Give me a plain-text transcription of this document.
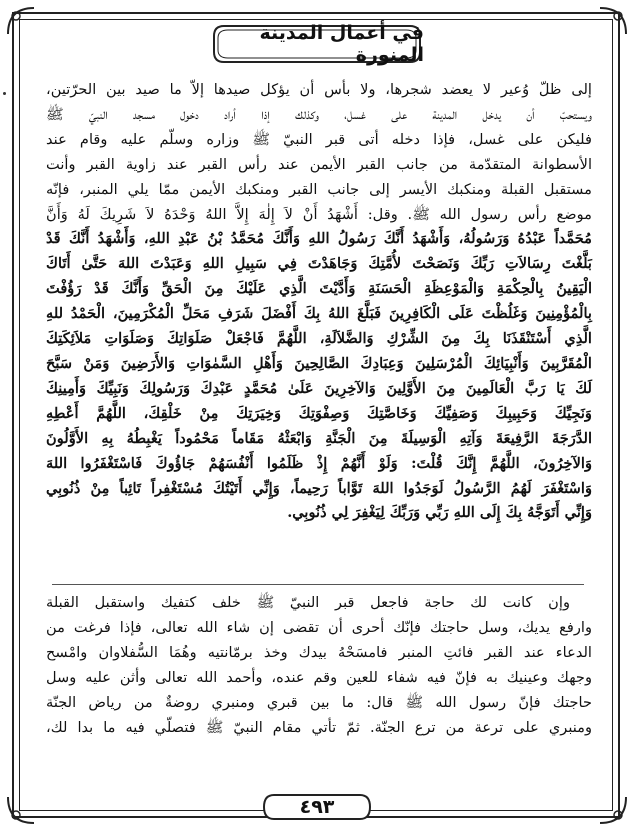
في أعمال المدينة المنورة
إلى ظلّ وُعير لا يعضد شجرها، ولا بأس أن يؤكل صيدها إلاّ ما صيد بين الحرّتين،
ويستحبّ أن يدخل المدينة على غسل، وكذلك إذا أراد دخول مسجد النبيّ ﷺ
فليكن على غسل، فإذا دخله أتى قبر النبيّ ﷺ وزاره وسلّم عليه وقام عند
الأسطوانة المتقدّمة من جانب القبر الأيمن عند رأس القبر عند زاوية القبر وأنت
مستقبل القبلة ومنكبك الأيسر إلى جانب القبر ومنكبك الأيمن ممّا يلي المنبر، فإنّه
موضع رأس رسول الله ﷺ. وقل: أَشْهَدُ أَنْ لاَ إِلٰهَ إِلاَّ اللهُ وَحْدَهُ لاَ شَرِيكَ لَهُ وَأَنَّ
مُحَمَّداً عَبْدُهُ وَرَسُولُهُ، وَأَشْهَدُ أَنَّكَ رَسُولُ اللهِ وَأَنَّكَ مُحَمَّدُ بْنُ عَبْدِ اللهِ، وَأَشْهَدُ أَنَّكَ قَدْ
بَلَّغْتَ رِسَالاَتِ رَبِّكَ وَنَصَحْتَ لأُمَّتِكَ وَجَاهَدْتَ فِي سَبِيلِ اللهِ وَعَبَدْتَ اللهَ حَتَّىٰ أَتَاكَ
الْيَقِينُ بِالْحِكْمَةِ وَالْمَوْعِظَةِ الْحَسَنَةِ وَأَدَّيْتَ الَّذِي عَلَيْكَ مِنَ الْحَقِّ وَأَنَّكَ قَدْ رَؤُفْتَ
بِالْمُؤْمِنِينَ وَغَلُظْتَ عَلَى الْكَافِرِينَ فَبَلَّغَ اللهُ بِكَ أَفْضَلَ شَرَفِ مَحَلِّ الْمُكْرَمِينَ، الْحَمْدُ للهِ
الَّذِي أَسْتَنْقَذَنَا بِكَ مِنَ الشِّرْكِ وَالضَّلاَلَةِ، اللَّهُمَّ فَاجْعَلْ صَلَوَاتِكَ وَصَلَوَاتِ مَلاَئِكَتِكَ
الْمُقَرَّبِينَ وَأَنْبِيَائِكَ الْمُرْسَلِينَ وَعِبَادِكَ الصَّالِحِينَ وَأَهْلِ السَّمٰوَاتِ وَالأَرَضِينَ وَمَنْ سَبَّحَ
لَكَ يَا رَبَّ الْعَالَمِينَ مِنَ الأَوَّلِينَ وَالآخِرِينَ عَلَىٰ مُحَمَّدٍ عَبْدِكَ وَرَسُولِكَ وَنَبِيِّكَ وَأَمِينِكَ
وَنَجِيِّكَ وَحَبِيبِكَ وَصَفِيِّكَ وَخَاصَّتِكَ وَصِفْوَتِكَ وَخِيَرَتِكَ مِنْ خَلْقِكَ، اللَّهُمَّ أَعْطِهِ
الدَّرَجَةَ الرَّفِيعَةَ وَآتِهِ الْوَسِيلَةَ مِنَ الْجَنَّةِ وَابْعَثْهُ مَقَاماً مَحْمُوداً يَغْبِطُهُ بِهِ الأَوَّلُونَ
وَالآخِرُونَ، اللَّهُمَّ إِنَّكَ قُلْتَ: وَلَوْ أَنَّهُمْ إِذْ ظَلَمُوا أَنْفُسَهُمْ جَاؤُوكَ فَاسْتَغْفَرُوا اللهَ
وَاسْتَغْفَرَ لَهُمُ الرَّسُولُ لَوَجَدُوا اللهَ تَوَّاباً رَحِيماً، وَإِنِّي أَتَيْتُكَ مُسْتَغْفِراً تَائِباً مِنْ ذُنُوبِي
وَإِنِّي أَتَوَجَّهُ بِكَ إِلَى اللهِ رَبِّي وَرَبِّكَ لِيَغْفِرَ لِي ذُنُوبِي.
وإن كانت لك حاجة فاجعل قبر النبيّ ﷺ خلف كتفيك واستقبل القبلة
وارفع يديك، وسل حاجتك فإنّك أحرى أن تقضى إن شاء الله تعالى، فإذا فرغت من
الدعاء عند القبر فائتِ المنبر فامسَحْهُ بيدك وخذ برمّانتيه وهُمَا السُّفلاوان وامْسح
وجهك وعينيك به فإنّ فيه شفاء للعين وقم عنده، وأحمد الله تعالى وأثن عليه وسل
حاجتك فإنّ رسول الله ﷺ قال: ما بين قبري ومنبري روضةٌ من رياض الجنّة
ومنبري على ترعة من ترع الجنّة. ثمّ تأتي مقام النبيّ ﷺ فتصلّي فيه ما بدا لك،
٤٩٣
